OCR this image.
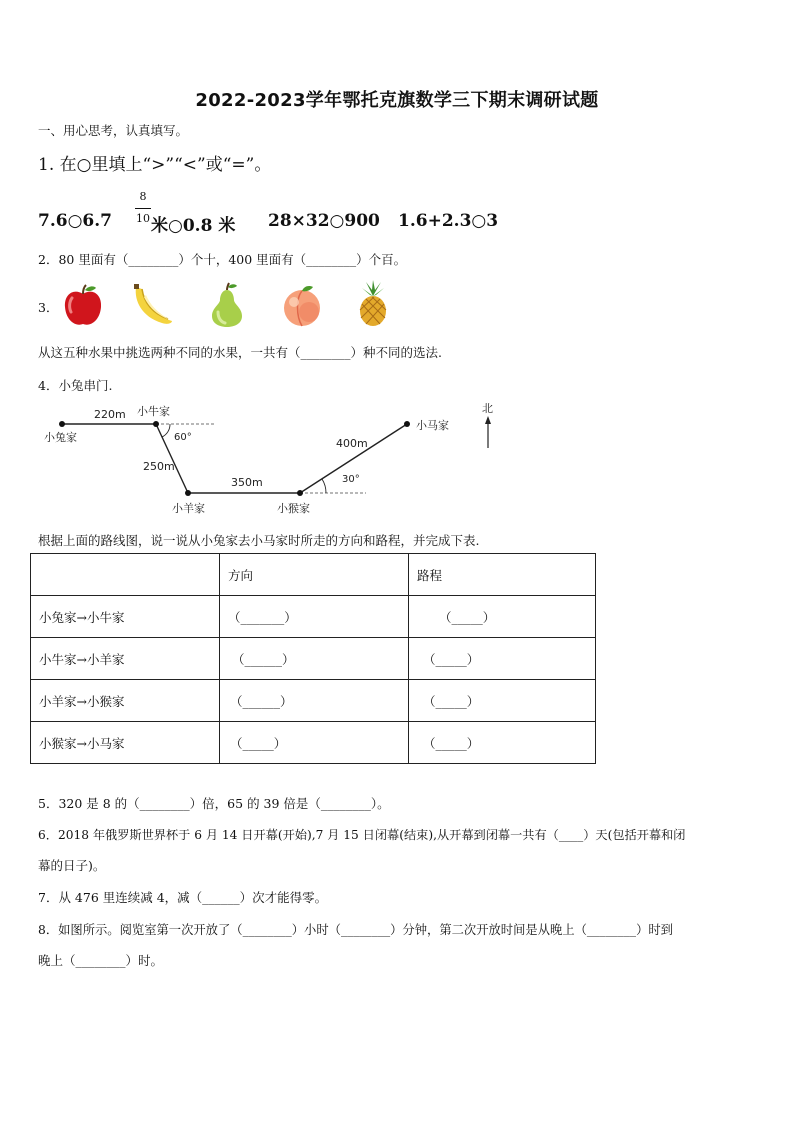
2022-2023学年鄂托克旗数学三下期末调研试题
一、用心思考，认真填写。
1. 在○里填上“>”“<”或“=”。
7.6○6.7
8
10 米○0.8 米 28×32○900 1.6+2.3○3
2．80 里面有（________）个十，400 里面有（________）个百。
3．
从这五种水果中挑选两种不同的水果，一共有（________）种不同的选法.
4．小兔串门.
北
小兔家
小牛家
小羊家	小猴家
小马家
220m
250m
350m
400m
60°
30°
根据上面的路线图，说一说从小兔家去小马家时所走的方向和路程，并完成下表.
	方向	路程
小兔家→小牛家	（_______）	（_____）
小牛家→小羊家	（______）	（_____）
小羊家→小猴家	（______）	（_____）
小猴家→小马家	（_____）	（_____）
5．320 是 8 的（________）倍，65 的 39 倍是（________）。
6．2018 年俄罗斯世界杯于 6 月 14 日开幕(开始),7 月 15 日闭幕(结束),从开幕到闭幕一共有（____）天(包括开幕和闭
幕的日子)。
7．从 476 里连续减 4，减（______）次才能得零。
8．如图所示。阅览室第一次开放了（________）小时（________）分钟，第二次开放时间是从晚上（________）时到
晚上（________）时。
